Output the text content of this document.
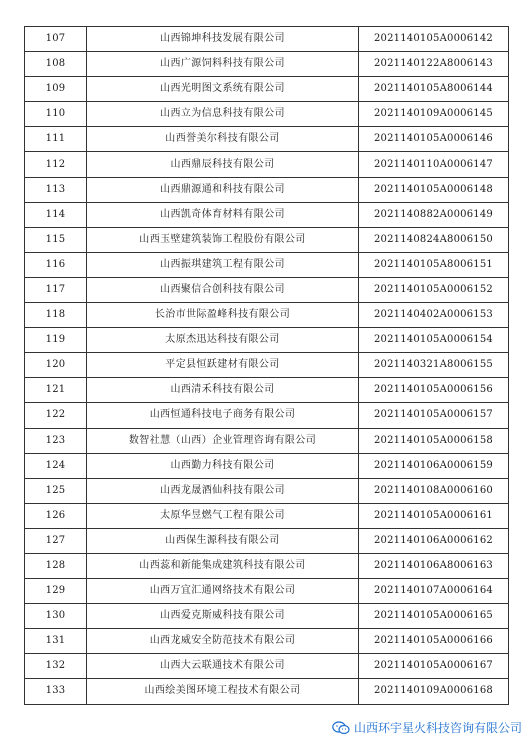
107	山西锦坤科技发展有限公司	2021140105A0006142
108	山西广源饲料科技有限公司	2021140122A8006143
109	山西光明图文系统有限公司	2021140105A8006144
110	山西立为信息科技有限公司	2021140109A0006145
111	山西誉美尔科技有限公司	2021140105A0006146
112	山西鼎辰科技有限公司	2021140110A0006147
113	山西鼎源通和科技有限公司	2021140105A0006148
114	山西凯奇体育材料有限公司	2021140882A0006149
115	山西玉壁建筑装饰工程股份有限公司	2021140824A8006150
116	山西振琪建筑工程有限公司	2021140105A8006151
117	山西聚信合创科技有限公司	2021140105A0006152
118	长治市世际盈峰科技有限公司	2021140402A0006153
119	太原杰迅达科技有限公司	2021140105A0006154
120	平定县恒跃建材有限公司	2021140321A8006155
121	山西清禾科技有限公司	2021140105A0006156
122	山西恒通科技电子商务有限公司	2021140105A0006157
123	数智社慧（山西）企业管理咨询有限公司	2021140105A0006158
124	山西勤力科技有限公司	2021140106A0006159
125	山西龙晟酒仙科技有限公司	2021140108A0006160
126	太原华昱燃气工程有限公司	2021140105A0006161
127	山西保生源科技有限公司	2021140106A0006162
128	山西蕊和新能集成建筑科技有限公司	2021140106A8006163
129	山西万宜汇通网络技术有限公司	2021140107A0006164
130	山西爱克斯威科技有限公司	2021140105A0006165
131	山西龙威安全防范技术有限公司	2021140105A0006166
132	山西大云联通技术有限公司	2021140105A0006167
133	山西绘美图环境工程技术有限公司	2021140109A0006168
山西环宇星火科技咨询有限公司
